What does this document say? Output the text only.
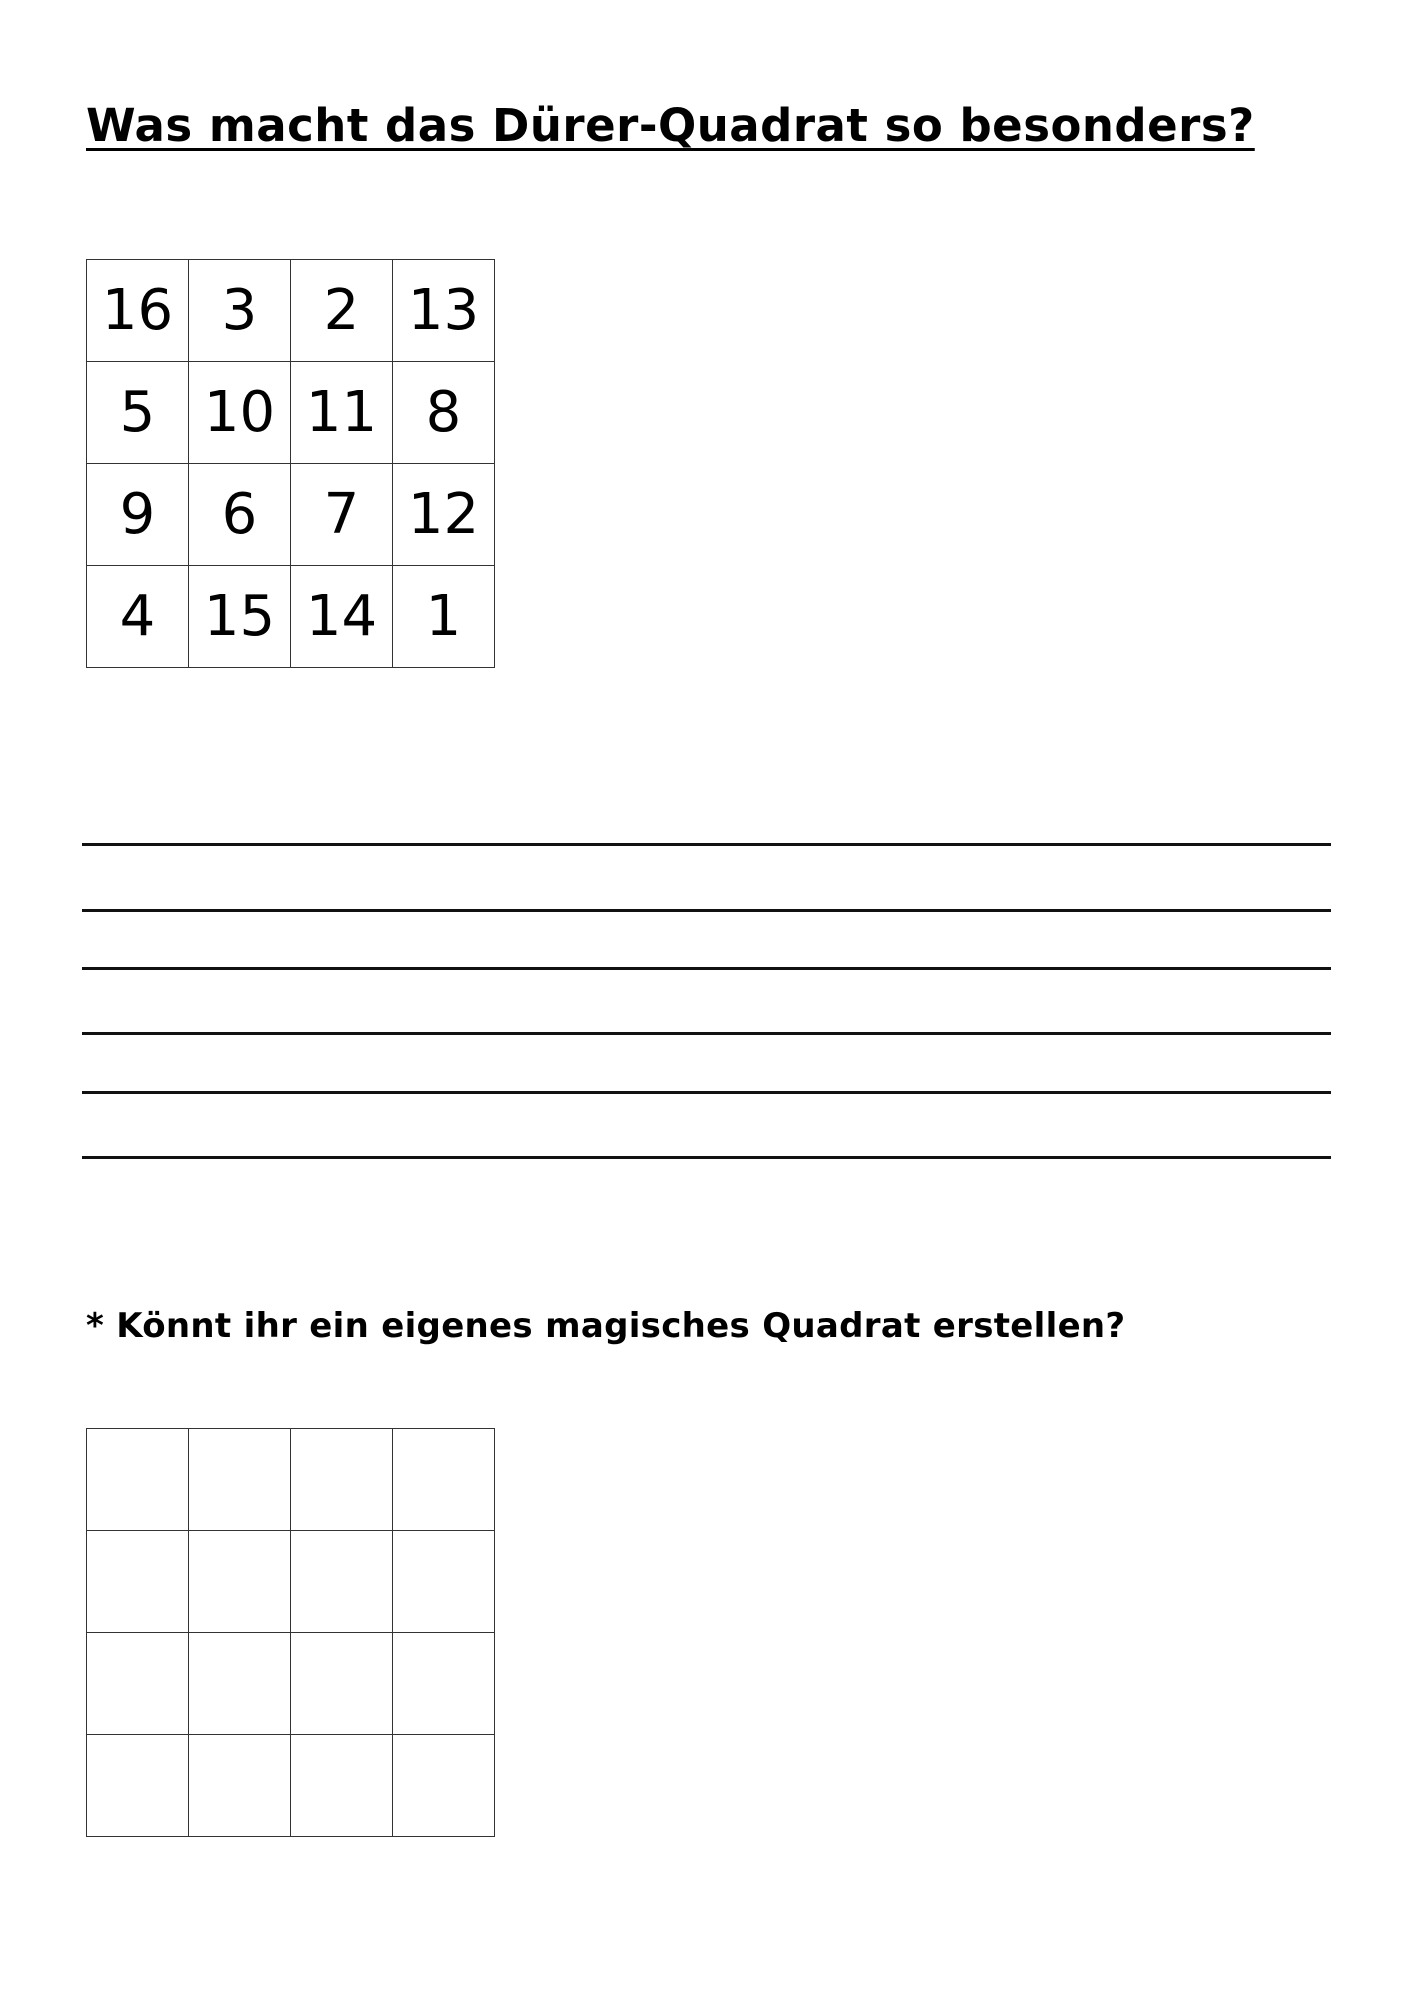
Was macht das Dürer-Quadrat so besonders?
16	3	2	13
5	10	11	8
9	6	7	12
4	15	14	1

* Könnt ihr ein eigenes magisches Quadrat erstellen?
